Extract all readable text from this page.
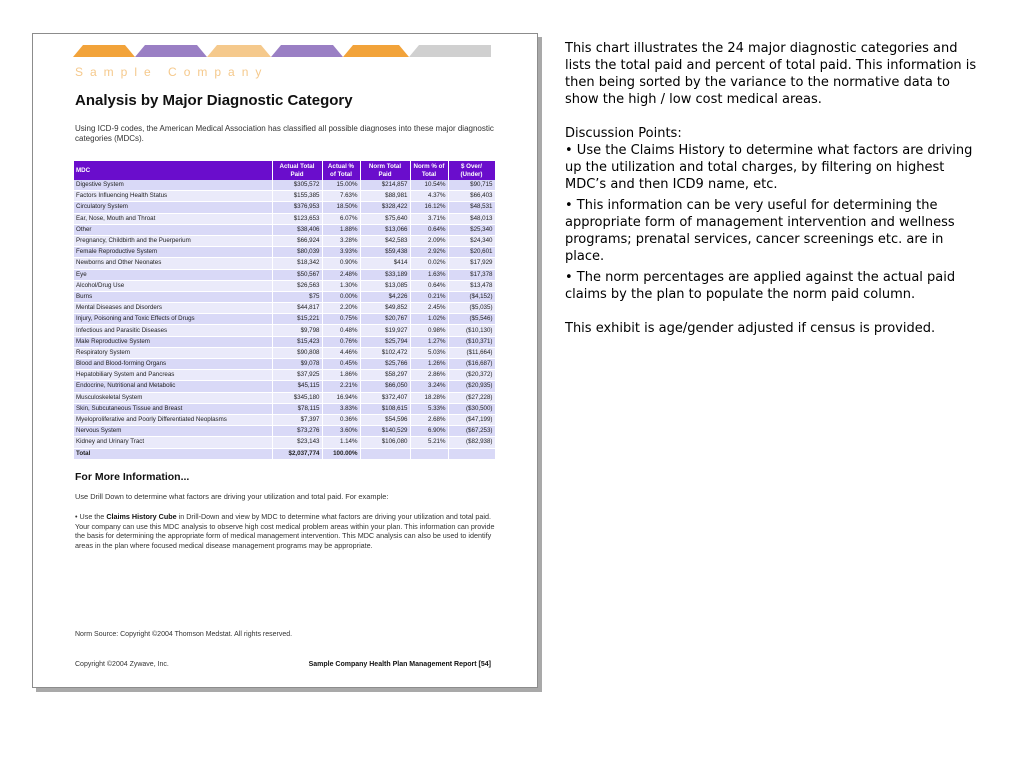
Sample Company
Analysis by Major Diagnostic Category
Using ICD-9 codes, the American Medical Association has classified all possible diagnoses into these major diagnostic categories (MDCs).
MDC	Actual Total Paid	Actual % of Total	Norm Total Paid	Norm % of Total	$ Over/ (Under)
Digestive System	$305,572	15.00%	$214,857	10.54%	$90,715
Factors Influencing Health Status	$155,385	7.63%	$88,981	4.37%	$66,403
Circulatory System	$376,953	18.50%	$328,422	16.12%	$48,531
Ear, Nose, Mouth and Throat	$123,653	6.07%	$75,640	3.71%	$48,013
Other	$38,406	1.88%	$13,066	0.64%	$25,340
Pregnancy, Childbirth and the Puerperium	$66,924	3.28%	$42,583	2.09%	$24,340
Female Reproductive System	$80,039	3.93%	$59,438	2.92%	$20,601
Newborns and Other Neonates	$18,342	0.90%	$414	0.02%	$17,929
Eye	$50,567	2.48%	$33,189	1.63%	$17,378
Alcohol/Drug Use	$26,563	1.30%	$13,085	0.64%	$13,478
Burns	$75	0.00%	$4,226	0.21%	($4,152)
Mental Diseases and Disorders	$44,817	2.20%	$49,852	2.45%	($5,035)
Injury, Poisoning and Toxic Effects of Drugs	$15,221	0.75%	$20,767	1.02%	($5,546)
Infectious and Parasitic Diseases	$9,798	0.48%	$19,927	0.98%	($10,130)
Male Reproductive System	$15,423	0.76%	$25,794	1.27%	($10,371)
Respiratory System	$90,808	4.46%	$102,472	5.03%	($11,664)
Blood and Blood-forming Organs	$9,078	0.45%	$25,766	1.26%	($16,687)
Hepatobiliary System and Pancreas	$37,925	1.86%	$58,297	2.86%	($20,372)
Endocrine, Nutritional and Metabolic	$45,115	2.21%	$66,050	3.24%	($20,935)
Musculoskeletal System	$345,180	16.94%	$372,407	18.28%	($27,228)
Skin, Subcutaneous Tissue and Breast	$78,115	3.83%	$108,615	5.33%	($30,500)
Myeloproliferative and Poorly Differentiated Neoplasms	$7,397	0.36%	$54,596	2.68%	($47,199)
Nervous System	$73,276	3.60%	$140,529	6.90%	($67,253)
Kidney and Urinary Tract	$23,143	1.14%	$106,080	5.21%	($82,938)
Total	$2,037,774	100.00%			
For More Information...
Use Drill Down to determine what factors are driving your utilization and total paid. For example:
• Use the Claims History Cube in Drill-Down and view by MDC to determine what factors are driving your utilization and total paid. Your company can use this MDC analysis to observe high cost medical problem areas within your plan. This information can provide the basis for determining the appropriate form of medical management intervention. This MDC analysis can also be used to identify areas in the plan where focused medical disease management programs may be appropriate.
Norm Source: Copyright ©2004 Thomson Medstat. All rights reserved.
Copyright ©2004 Zywave, Inc.	Sample Company Health Plan Management Report [54]

This chart illustrates the 24 major diagnostic categories and lists the total paid and percent of total paid. This information is then being sorted by the variance to the normative data to show the high / low cost medical areas.

Discussion Points:

• Use the Claims History to determine what factors are driving up the utilization and total charges, by filtering on highest MDC’s and then ICD9 name, etc.

• This information can be very useful for determining the appropriate form of management intervention and wellness programs; prenatal services, cancer screenings etc. are in place.

• The norm percentages are applied against the actual paid claims by the plan to populate the norm paid column.

This exhibit is age/gender adjusted if census is provided.
